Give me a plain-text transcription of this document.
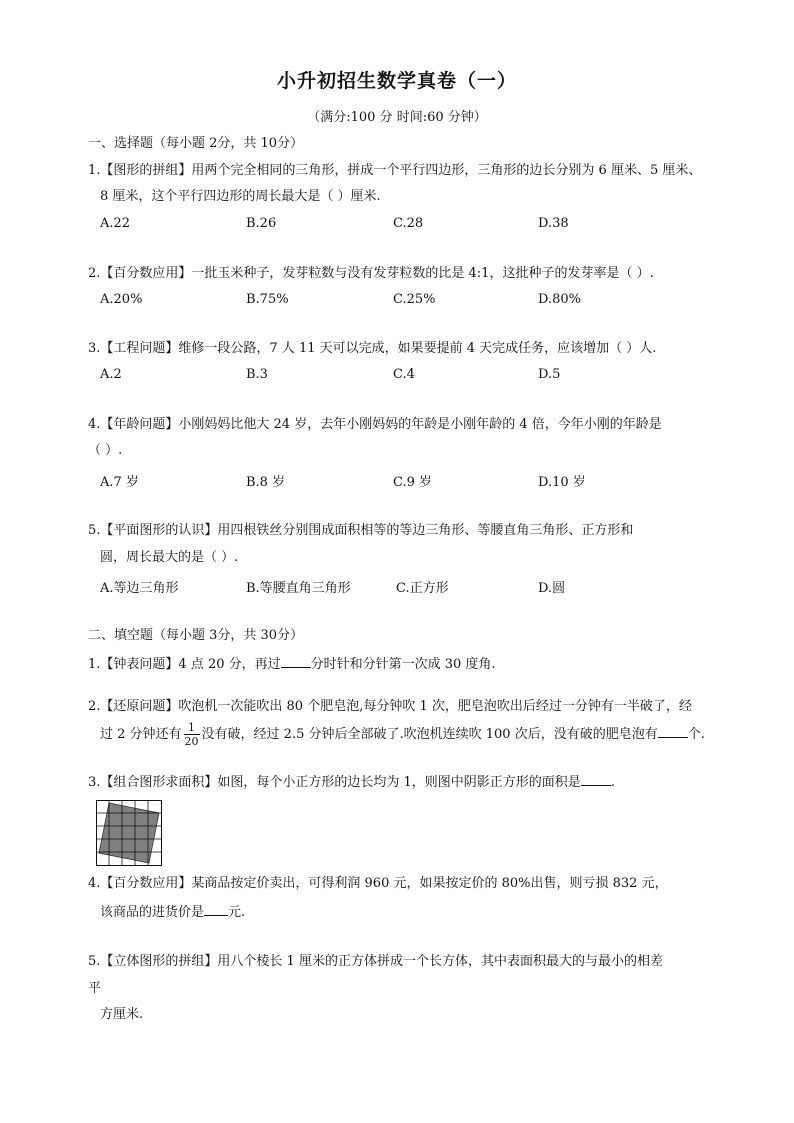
小升初招生数学真卷（一）
（满分:100 分 时间:60 分钟）
一、选择题（每小题 2分，共 10分）
1.【图形的拼组】用两个完全相同的三角形，拼成一个平行四边形，三角形的边长分别为 6 厘米、5 厘米、
8 厘米，这个平行四边形的周长最大是（ ）厘米.
A.22	B.26	C.28	D.38
2.【百分数应用】一批玉米种子，发芽粒数与没有发芽粒数的比是 4:1，这批种子的发芽率是（ ）.
A.20%	B.75%	C.25%	D.80%
3.【工程问题】维修一段公路，7 人 11 天可以完成，如果要提前 4 天完成任务，应该增加（ ）人.
A.2	B.3	C.4	D.5
4.【年龄问题】小刚妈妈比他大 24 岁，去年小刚妈妈的年龄是小刚年龄的 4 倍，今年小刚的年龄是
（ ）.
A.7 岁	B.8 岁	C.9 岁	D.10 岁
5.【平面图形的认识】用四根铁丝分别围成面积相等的等边三角形、等腰直角三角形、正方形和
圆，周长最大的是（ ）.
A.等边三角形	B.等腰直角三角形	C.正方形	D.圆
二、填空题（每小题 3分，共 30分）
1.【钟表问题】4 点 20 分，再过 分时针和分针第一次成 30 度角.
2.【还原问题】吹泡机一次能吹出 80 个肥皂泡,每分钟吹 1 次，肥皂泡吹出后经过一分钟有一半破了，经
过 2 分钟还有 $\frac{1}{20}$ 没有破，经过 2.5 分钟后全部破了.吹泡机连续吹 100 次后，没有破的肥皂泡有 个.
3.【组合图形求面积】如图，每个小正方形的边长均为 1，则图中阴影正方形的面积是 .
4.【百分数应用】某商品按定价卖出，可得利润 960 元，如果按定价的 80%出售，则亏损 832 元，
该商品的进货价是 元.
5.【立体图形的拼组】用八个棱长 1 厘米的正方体拼成一个长方体，其中表面积最大的与最小的相差
平
方厘米.
